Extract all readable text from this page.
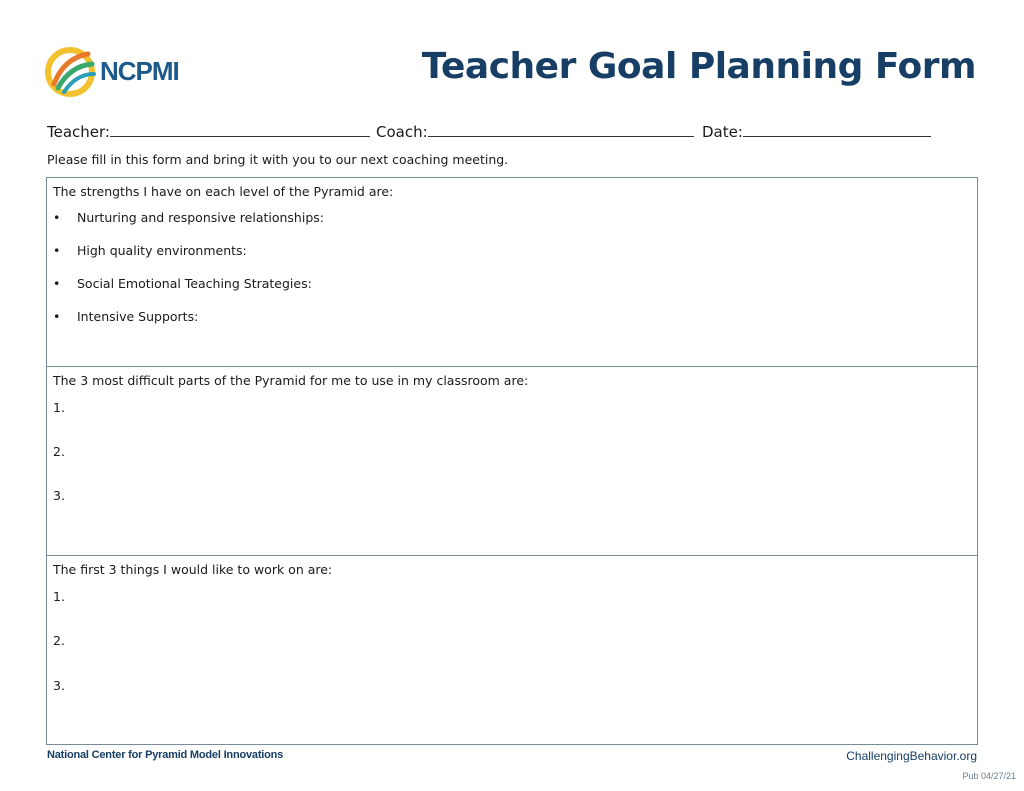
NCPMI	Teacher Goal Planning Form
Teacher:	Coach:	Date:
Please fill in this form and bring it with you to our next coaching meeting.
The strengths I have on each level of the Pyramid are:
• Nurturing and responsive relationships:
• High quality environments:
• Social Emotional Teaching Strategies:
• Intensive Supports:
The 3 most difficult parts of the Pyramid for me to use in my classroom are:
1.
2.
3.
The first 3 things I would like to work on are:
1.
2.
3.
National Center for Pyramid Model Innovations	ChallengingBehavior.org
Pub 04/27/21
